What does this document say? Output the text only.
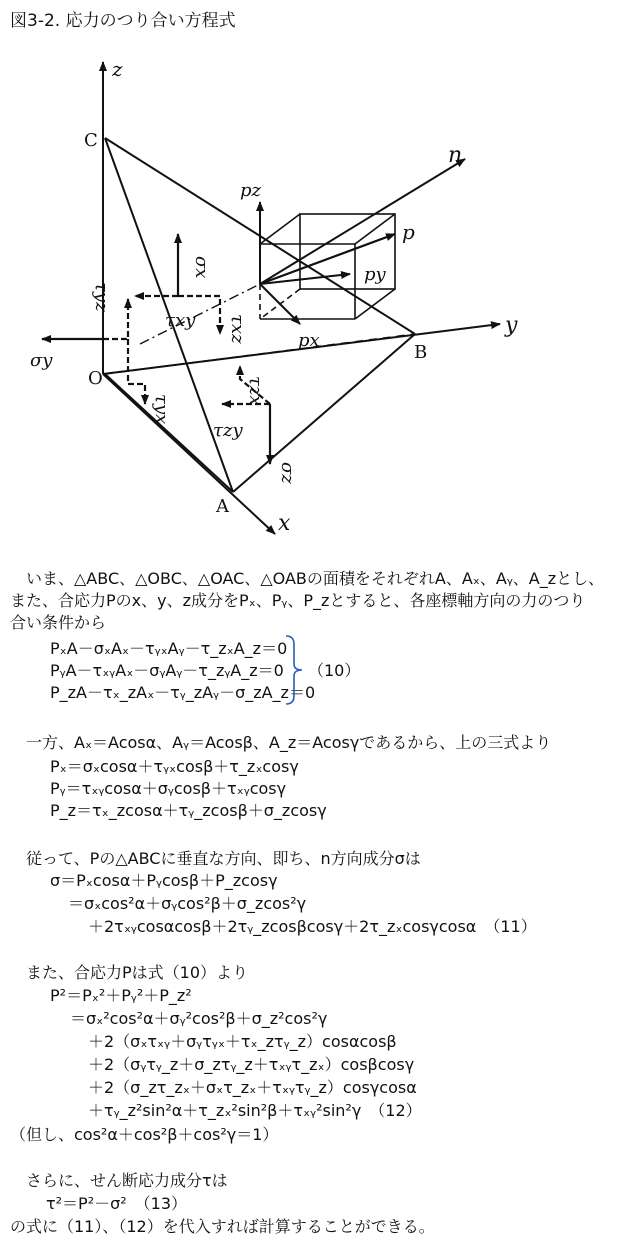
図3-2. 応力のつり合い方程式
z
y
x
n
C
O
A
B
p
pz
py
px
σy
σx
σz
τyz
τyx
τxy τxz
τzx
τzy
いま、△ABC、△OBC、△OAC、△OABの面積をそれぞれA、Aₓ、Aᵧ、A_zとし、
また、合応力Pのx、y、z成分をPₓ、Pᵧ、P_zとすると、各座標軸方向の力のつり
合い条件から
PₓA－σₓAₓ－τᵧₓAᵧ－τ_zₓA_z＝0
PᵧA－τₓᵧAₓ－σᵧAᵧ－τ_zᵧA_z＝0
P_zA－τₓ_zAₓ－τᵧ_zAᵧ－σ_zA_z＝0
（10）
一方、Aₓ＝Acosα、Aᵧ＝Acosβ、A_z＝Acosγであるから、上の三式より
Pₓ＝σₓcosα＋τᵧₓcosβ＋τ_zₓcosγ
Pᵧ＝τₓᵧcosα＋σᵧcosβ＋τₓᵧcosγ
P_z＝τₓ_zcosα＋τᵧ_zcosβ＋σ_zcosγ
従って、Pの△ABCに垂直な方向、即ち、n方向成分σは
σ＝Pₓcosα＋Pᵧcosβ＋P_zcosγ
＝σₓcos²α＋σᵧcos²β＋σ_zcos²γ
＋2τₓᵧcosαcosβ＋2τᵧ_zcosβcosγ＋2τ_zₓcosγcosα　（11）
また、合応力Pは式（10）より
P²＝Pₓ²＋Pᵧ²＋P_z²
＝σₓ²cos²α＋σᵧ²cos²β＋σ_z²cos²γ
＋2（σₓτₓᵧ＋σᵧτᵧₓ＋τₓ_zτᵧ_z）cosαcosβ
＋2（σᵧτᵧ_z＋σ_zτᵧ_z＋τₓᵧτ_zₓ）cosβcosγ
＋2（σ_zτ_zₓ＋σₓτ_zₓ＋τₓᵧτᵧ_z）cosγcosα
＋τᵧ_z²sin²α＋τ_zₓ²sin²β＋τₓᵧ²sin²γ　（12）
（但し、cos²α＋cos²β＋cos²γ＝1）
さらに、せん断応力成分τは
τ²＝P²－σ²　（13）
の式に（11）、（12）を代入すれば計算することができる。
